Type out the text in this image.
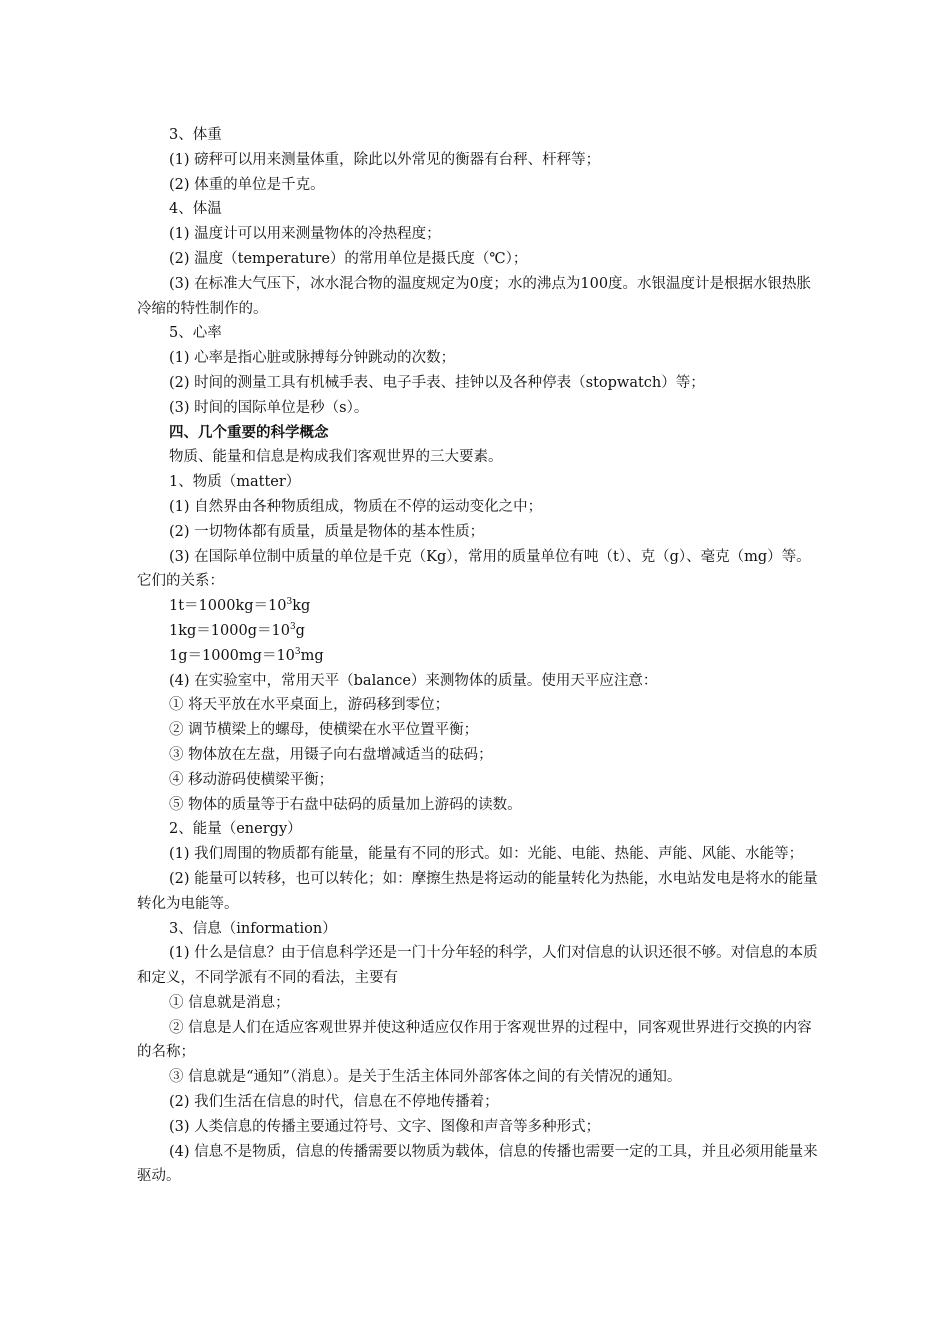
3、体重

(1) 磅秤可以用来测量体重，除此以外常见的衡器有台秤、杆秤等；

(2) 体重的单位是千克。

4、体温

(1) 温度计可以用来测量物体的冷热程度；

(2) 温度（temperature）的常用单位是摄氏度（℃）；

(3) 在标准大气压下，冰水混合物的温度规定为0度；水的沸点为100度。水银温度计是根据水银热胀冷缩的特性制作的。

5、心率

(1) 心率是指心脏或脉搏每分钟跳动的次数；

(2) 时间的测量工具有机械手表、电子手表、挂钟以及各种停表（stopwatch）等；

(3) 时间的国际单位是秒（s）。

四、几个重要的科学概念

物质、能量和信息是构成我们客观世界的三大要素。

1、物质（matter）

(1) 自然界由各种物质组成，物质在不停的运动变化之中；

(2) 一切物体都有质量，质量是物体的基本性质；

(3) 在国际单位制中质量的单位是千克（Kg），常用的质量单位有吨（t）、克（g）、毫克（mg）等。它们的关系：

$1t=1000kg=10^3kg$

$1kg=1000g=10^3g$

$1g=1000mg=10^3mg$

(4) 在实验室中，常用天平（balance）来测物体的质量。使用天平应注意：

① 将天平放在水平桌面上，游码移到零位；

② 调节横梁上的螺母，使横梁在水平位置平衡；

③ 物体放在左盘，用镊子向右盘增减适当的砝码；

④ 移动游码使横梁平衡；

⑤ 物体的质量等于右盘中砝码的质量加上游码的读数。

2、能量（energy）

(1) 我们周围的物质都有能量，能量有不同的形式。如：光能、电能、热能、声能、风能、水能等；

(2) 能量可以转移，也可以转化；如：摩擦生热是将运动的能量转化为热能，水电站发电是将水的能量转化为电能等。

3、信息（information）

(1) 什么是信息？由于信息科学还是一门十分年轻的科学，人们对信息的认识还很不够。对信息的本质和定义，不同学派有不同的看法，主要有

① 信息就是消息；

② 信息是人们在适应客观世界并使这种适应仅作用于客观世界的过程中，同客观世界进行交换的内容的名称；

③ 信息就是“通知”（消息）。是关于生活主体同外部客体之间的有关情况的通知。

(2) 我们生活在信息的时代，信息在不停地传播着；

(3) 人类信息的传播主要通过符号、文字、图像和声音等多种形式；

(4) 信息不是物质，信息的传播需要以物质为载体，信息的传播也需要一定的工具，并且必须用能量来驱动。
